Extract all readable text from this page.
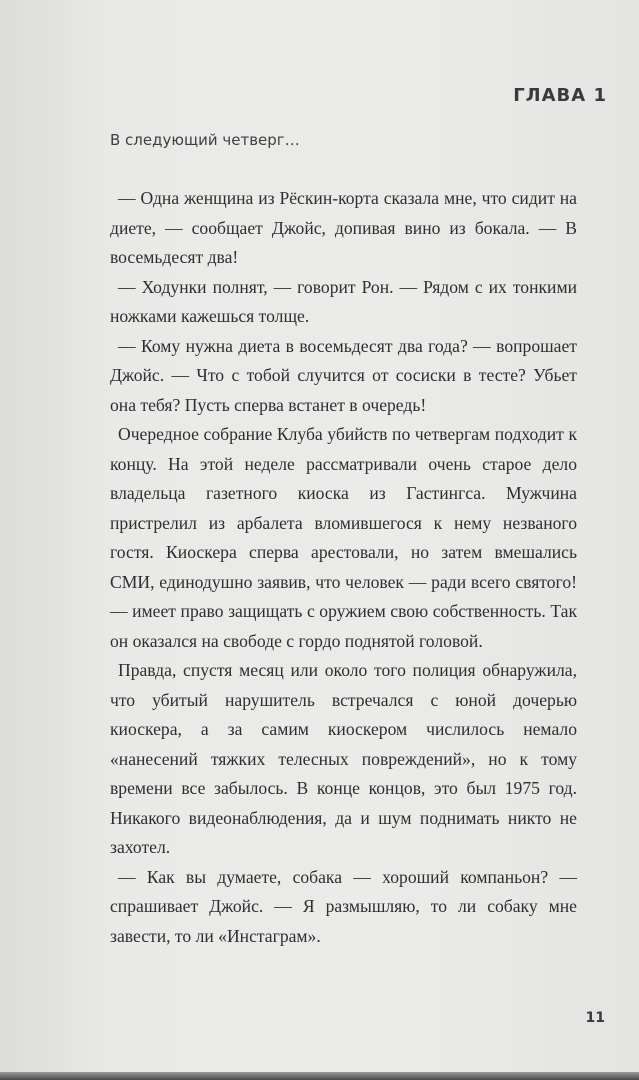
ГЛАВА 1
В следующий четверг…

— Одна женщина из Рёскин-корта сказала мне, что сидит на диете, — сообщает Джойс, допивая вино из бокала. — В восемьдесят два!

— Ходунки полнят, — говорит Рон. — Рядом с их тонкими ножками кажешься толще.

— Кому нужна диета в восемьдесят два года? — вопрошает Джойс. — Что с тобой случится от сосиски в тесте? Убьет она тебя? Пусть сперва встанет в очередь!

Очередное собрание Клуба убийств по четвергам подходит к концу. На этой неделе рассматривали очень старое дело владельца газетного киоска из Гастингса. Мужчина пристрелил из арбалета вломившегося к нему незваного гостя. Киоскера сперва арестовали, но затем вмешались СМИ, единодушно заявив, что человек — ради всего святого! — имеет право защищать с оружием свою собственность. Так он оказался на свободе с гордо поднятой головой.

Правда, спустя месяц или около того полиция обнаружила, что убитый нарушитель встречался с юной дочерью киоскера, а за самим киоскером числилось немало «нанесений тяжких телесных повреждений», но к тому времени все забылось. В конце концов, это был 1975 год. Никакого видеонаблюдения, да и шум поднимать никто не захотел.

— Как вы думаете, собака — хороший компаньон? — спрашивает Джойс. — Я размышляю, то ли собаку мне завести, то ли «Инстаграм».

11
